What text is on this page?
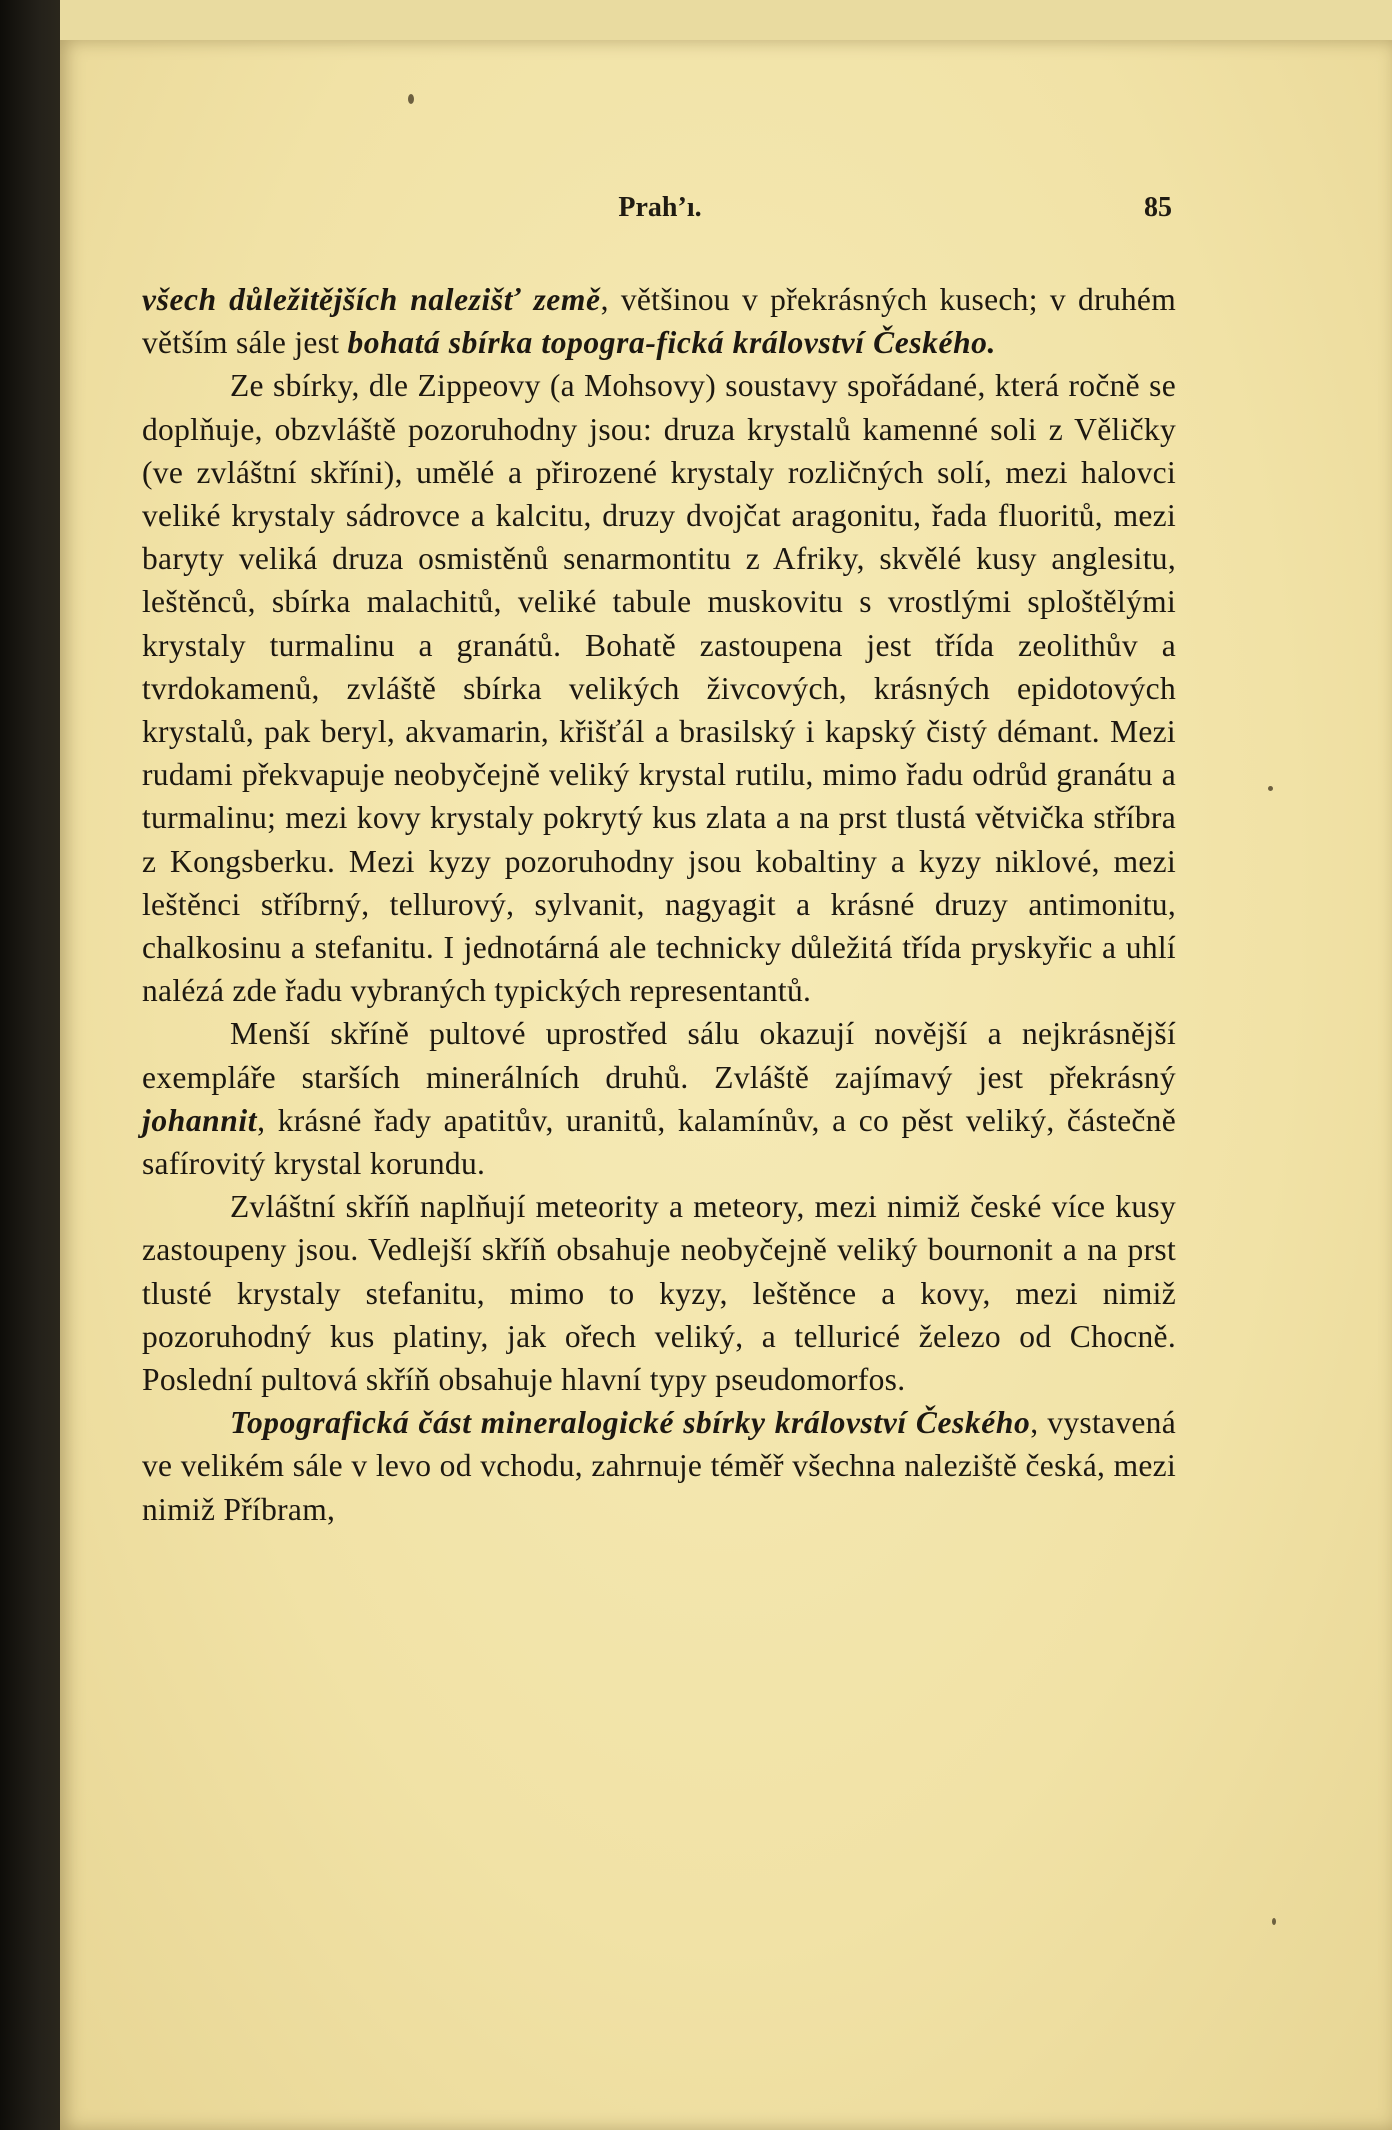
Prah’ı.	85

všech důležitějších nalezišť země, většinou v překrásných kusech; v druhém větším sále jest bohatá sbírka topogra-fická království Českého.

Ze sbírky, dle Zippeovy (a Mohsovy) soustavy spořádané, která ročně se doplňuje, obzvláště pozoruhodny jsou: druza krystalů kamenné soli z Věličky (ve zvláštní skříni), umělé a přirozené krystaly rozličných solí, mezi halovci veliké krystaly sádrovce a kalcitu, druzy dvojčat aragonitu, řada fluoritů, mezi baryty veliká druza osmistěnů senarmontitu z Afriky, skvělé kusy anglesitu, leštěnců, sbírka malachitů, veliké tabule muskovitu s vrostlými sploštělými krystaly turmalinu a granátů. Bohatě zastoupena jest třída zeolithův a tvrdokamenů, zvláště sbírka velikých živcových, krásných epidotových krystalů, pak beryl, akvamarin, křišťál a brasilský i kapský čistý démant. Mezi rudami překvapuje neobyčejně veliký krystal rutilu, mimo řadu odrůd granátu a turmalinu; mezi kovy krystaly pokrytý kus zlata a na prst tlustá větvička stříbra z Kongsberku. Mezi kyzy pozoruhodny jsou kobaltiny a kyzy niklové, mezi leštěnci stříbrný, tellurový, sylvanit, nagyagit a krásné druzy antimonitu, chalkosinu a stefanitu. I jednotárná ale technicky důležitá třída pryskyřic a uhlí nalézá zde řadu vybraných typických representantů.

Menší skříně pultové uprostřed sálu okazují novější a nejkrásnější exempláře starších minerálních druhů. Zvláště zajímavý jest překrásný johannit, krásné řady apatitův, uranitů, kalamínův, a co pěst veliký, částečně safírovitý krystal korundu.

Zvláštní skříň naplňují meteority a meteory, mezi nimiž české více kusy zastoupeny jsou. Vedlejší skříň obsahuje neobyčejně veliký bournonit a na prst tlusté krystaly stefanitu, mimo to kyzy, leštěnce a kovy, mezi nimiž pozoruhodný kus platiny, jak ořech veliký, a telluricé železo od Chocně. Poslední pultová skříň obsahuje hlavní typy pseudomorfos.

Topografická část mineralogické sbírky království Českého, vystavená ve velikém sále v levo od vchodu, zahrnuje téměř všechna naleziště česká, mezi nimiž Příbram,
